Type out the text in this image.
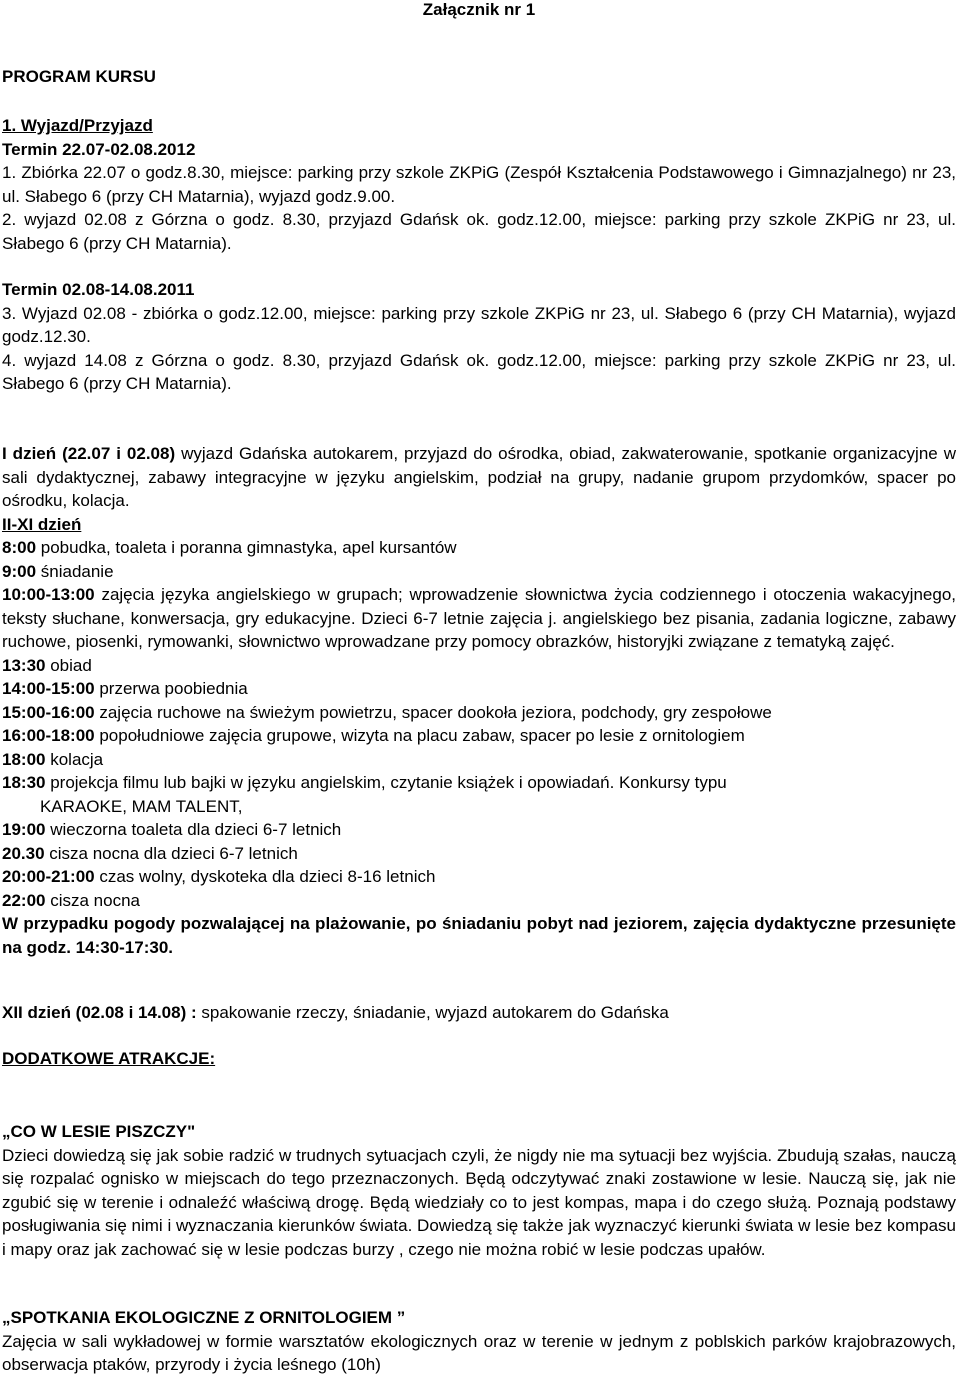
Załącznik nr 1

PROGRAM KURSU

1. Wyjazd/Przyjazd

Termin 22.07-02.08.2012

1. Zbiórka 22.07 o godz.8.30, miejsce: parking przy szkole ZKPiG (Zespół Kształcenia Podstawowego i Gimnazjalnego) nr 23, ul. Słabego 6 (przy CH Matarnia), wyjazd godz.9.00.

2. wyjazd 02.08 z Górzna o godz. 8.30, przyjazd Gdańsk ok. godz.12.00, miejsce: parking przy szkole ZKPiG nr 23, ul. Słabego 6 (przy CH Matarnia).

Termin 02.08-14.08.2011

3. Wyjazd 02.08 - zbiórka o godz.12.00, miejsce: parking przy szkole ZKPiG nr 23, ul. Słabego 6 (przy CH Matarnia), wyjazd godz.12.30.

4. wyjazd 14.08 z Górzna o godz. 8.30, przyjazd Gdańsk ok. godz.12.00, miejsce: parking przy szkole ZKPiG nr 23, ul. Słabego 6 (przy CH Matarnia).

I dzień (22.07 i 02.08) wyjazd Gdańska autokarem, przyjazd do ośrodka, obiad, zakwaterowanie, spotkanie organizacyjne w sali dydaktycznej, zabawy integracyjne w języku angielskim, podział na grupy, nadanie grupom przydomków, spacer po ośrodku, kolacja.

II-XI dzień

8:00 pobudka, toaleta i poranna gimnastyka, apel kursantów

9:00 śniadanie

10:00-13:00 zajęcia języka angielskiego w grupach; wprowadzenie słownictwa życia codziennego i otoczenia wakacyjnego, teksty słuchane, konwersacja, gry edukacyjne. Dzieci 6-7 letnie zajęcia j. angielskiego bez pisania, zadania logiczne, zabawy ruchowe, piosenki, rymowanki, słownictwo wprowadzane przy pomocy obrazków, historyjki związane z tematyką zajęć.

13:30 obiad

14:00-15:00 przerwa poobiednia

15:00-16:00 zajęcia ruchowe na świeżym powietrzu, spacer dookoła jeziora, podchody, gry zespołowe

16:00-18:00 popołudniowe zajęcia grupowe, wizyta na placu zabaw, spacer po lesie z ornitologiem

18:00 kolacja

18:30 projekcja filmu lub bajki w języku angielskim, czytanie książek i opowiadań. Konkursy typu

KARAOKE, MAM TALENT,

19:00 wieczorna toaleta dla dzieci 6-7 letnich

20.30 cisza nocna dla dzieci 6-7 letnich

20:00-21:00 czas wolny, dyskoteka dla dzieci 8-16 letnich

22:00 cisza nocna

W przypadku pogody pozwalającej na plażowanie, po śniadaniu pobyt nad jeziorem, zajęcia dydaktyczne przesunięte na godz. 14:30-17:30.

XII dzień (02.08 i 14.08) : spakowanie rzeczy, śniadanie, wyjazd autokarem do Gdańska

DODATKOWE ATRAKCJE:

„CO W LESIE PISZCZY"

Dzieci dowiedzą się jak sobie radzić w trudnych sytuacjach czyli, że nigdy nie ma sytuacji bez wyjścia. Zbudują szałas, nauczą się rozpalać ognisko w miejscach do tego przeznaczonych. Będą odczytywać znaki zostawione w lesie. Nauczą się, jak nie zgubić się w terenie i odnaleźć właściwą drogę. Będą wiedziały co to jest kompas, mapa i do czego służą. Poznają podstawy posługiwania się nimi i wyznaczania kierunków świata. Dowiedzą się także jak wyznaczyć kierunki świata w lesie bez kompasu i mapy oraz jak zachować się w lesie podczas burzy , czego nie można robić w lesie podczas upałów.

„SPOTKANIA EKOLOGICZNE Z ORNITOLOGIEM ”

Zajęcia w sali wykładowej w formie warsztatów ekologicznych oraz w terenie w jednym z poblskich parków krajobrazowych, obserwacja ptaków, przyrody i życia leśnego (10h)
